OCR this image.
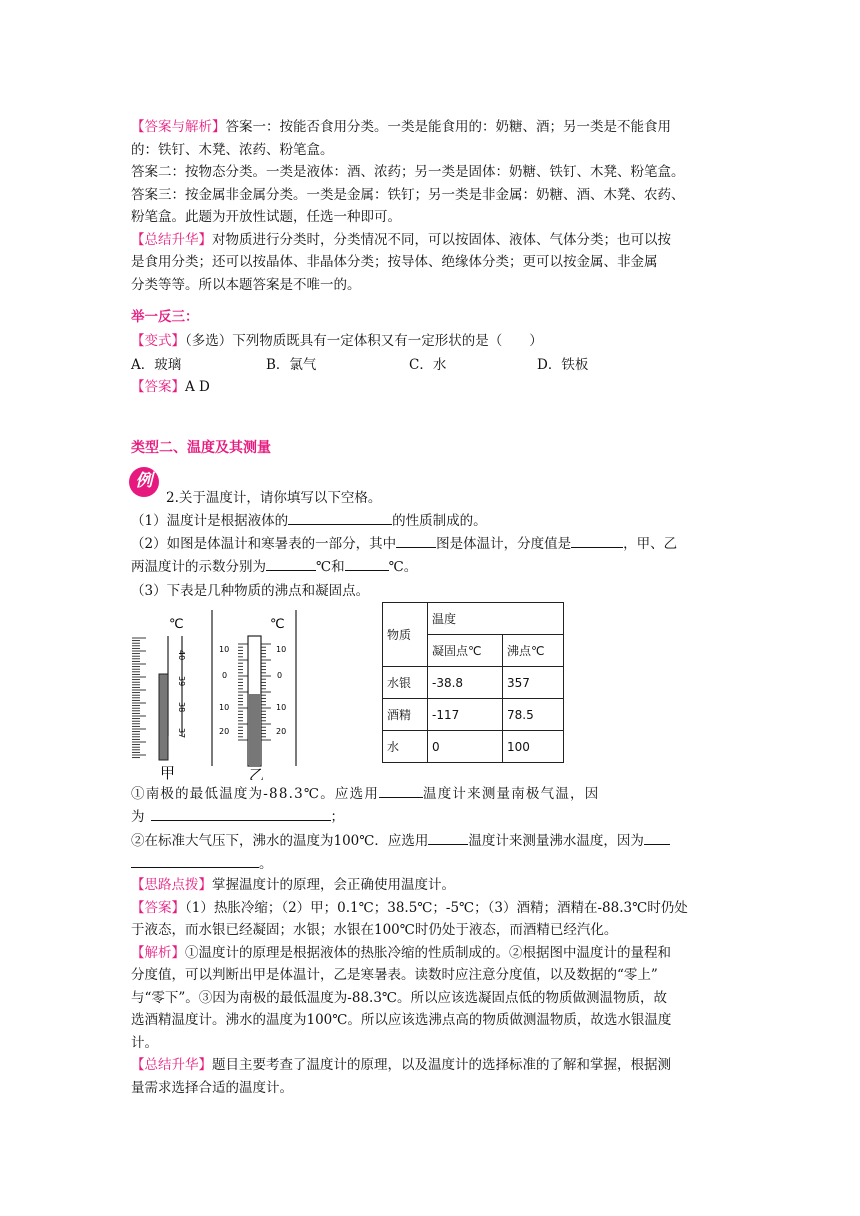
【答案与解析】答案一：按能否食用分类。一类是能食用的：奶糖、酒；另一类是不能食用
的：铁钉、木凳、浓药、粉笔盒。
答案二：按物态分类。一类是液体：酒、浓药；另一类是固体：奶糖、铁钉、木凳、粉笔盒。
答案三：按金属非金属分类。一类是金属：铁钉；另一类是非金属：奶糖、酒、木凳、农药、
粉笔盒。此题为开放性试题，任选一种即可。
【总结升华】对物质进行分类时，分类情况不同，可以按固体、液体、气体分类；也可以按
是食用分类；还可以按晶体、非晶体分类；按导体、绝缘体分类；更可以按金属、非金属
分类等等。所以本题答案是不唯一的。
举一反三：
【变式】（多选）下列物质既具有一定体积又有一定形状的是（　　）
A．玻璃	B．氯气	C．水	D．铁板
【答案】A D
类型二、温度及其测量
例
2.关于温度计，请你填写以下空格。
（1）温度计是根据液体的	的性质制成的。
（2）如图是体温计和寒暑表的一部分，其中	图是体温计，分度值是	，甲、乙
两温度计的示数分别为	℃和	℃。
（3）下表是几种物质的沸点和凝固点。
℃
40
39
38
37
甲
℃
10
0
10
20
10
0
10
20
乙
物质	温度	
	凝固点℃	沸点℃
水银	-38.8	357
酒精	-117	78.5
水	0	100
①南极的最低温度为-88.3℃。应选用	温度计来测量南极气温，因
为	；
②在标准大气压下，沸水的温度为100℃．应选用	温度计来测量沸水温度，因为
。
【思路点拨】掌握温度计的原理，会正确使用温度计。
【答案】（1）热胀冷缩；（2）甲；0.1℃；38.5℃；-5℃；（3）酒精；酒精在-88.3℃时仍处
于液态，而水银已经凝固；水银；水银在100℃时仍处于液态，而酒精已经汽化。
【解析】①温度计的原理是根据液体的热胀冷缩的性质制成的。②根据图中温度计的量程和
分度值，可以判断出甲是体温计，乙是寒暑表。读数时应注意分度值，以及数据的“零上”
与“零下”。③因为南极的最低温度为-88.3℃。所以应该选凝固点低的物质做测温物质，故
选酒精温度计。沸水的温度为100℃。所以应该选沸点高的物质做测温物质，故选水银温度
计。
【总结升华】题目主要考查了温度计的原理，以及温度计的选择标准的了解和掌握，根据测
量需求选择合适的温度计。
